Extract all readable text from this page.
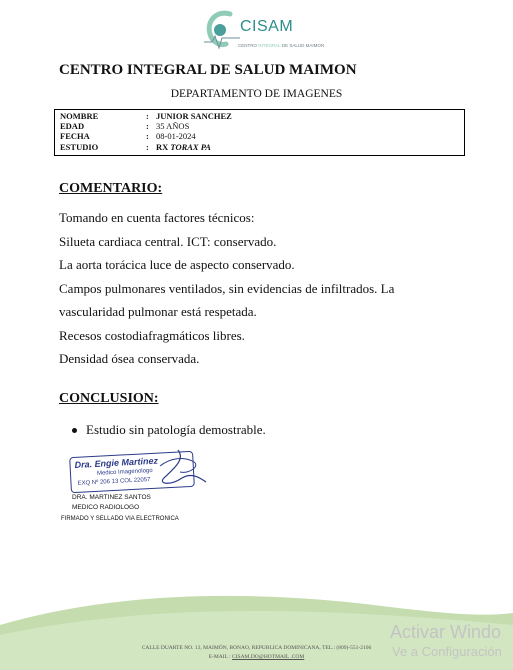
CISAM
CENTRO INTEGRAL DE SALUD MAIMON
CENTRO INTEGRAL DE SALUD MAIMON

DEPARTAMENTO DE IMAGENES

NOMBRE	: JUNIOR SANCHEZ
EDAD	: 35 AÑOS
FECHA	: 08-01-2024
ESTUDIO	: RX TORAX PA
COMENTARIO:

Tomando en cuenta factores técnicos:

Silueta cardiaca central. ICT: conservado.

La aorta torácica luce de aspecto conservado.

Campos pulmonares ventilados, sin evidencias de infiltrados. La

vascularidad pulmonar está respetada.

Recesos costodiafragmáticos libres.

Densidad ósea conservada.

CONCLUSION:
Estudio sin patología demostrable.
Dra. Engie Martinez
Medico Imagenologo
EXQ Nº 206 13 COL 22057
DRA. MARTINEZ SANTOS
MEDICO RADIOLOGO
FIRMADO Y SELLADO VIA ELECTRONICA
CALLE DUARTE NO. 13, MAIMÓN, BONAO, REPUBLICA DOMINICANA, TEL.: (809)-551-2106
E-MAIL : CISAM.DO@HOTMAIL .COM
Activar Windo
Ve a Configuración
